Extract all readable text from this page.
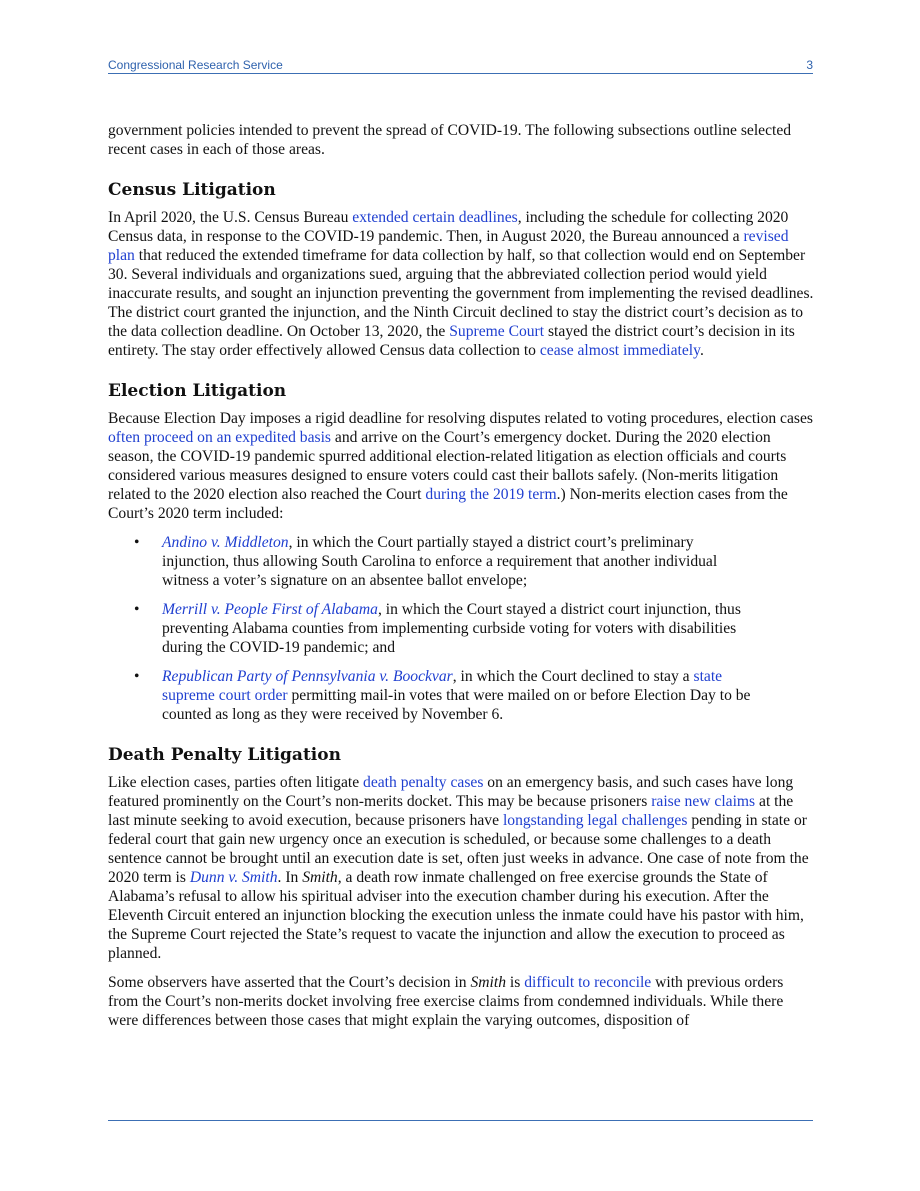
Congressional Research Service	3

government policies intended to prevent the spread of COVID-19. The following subsections outline selected recent cases in each of those areas.

Census Litigation

In April 2020, the U.S. Census Bureau extended certain deadlines, including the schedule for collecting 2020 Census data, in response to the COVID-19 pandemic. Then, in August 2020, the Bureau announced a revised plan that reduced the extended timeframe for data collection by half, so that collection would end on September 30. Several individuals and organizations sued, arguing that the abbreviated collection period would yield inaccurate results, and sought an injunction preventing the government from implementing the revised deadlines. The district court granted the injunction, and the Ninth Circuit declined to stay the district court’s decision as to the data collection deadline. On October 13, 2020, the Supreme Court stayed the district court’s decision in its entirety. The stay order effectively allowed Census data collection to cease almost immediately.

Election Litigation

Because Election Day imposes a rigid deadline for resolving disputes related to voting procedures, election cases often proceed on an expedited basis and arrive on the Court’s emergency docket. During the 2020 election season, the COVID-19 pandemic spurred additional election-related litigation as election officials and courts considered various measures designed to ensure voters could cast their ballots safely. (Non-merits litigation related to the 2020 election also reached the Court during the 2019 term.) Non-merits election cases from the Court’s 2020 term included:

• Andino v. Middleton, in which the Court partially stayed a district court’s preliminary injunction, thus allowing South Carolina to enforce a requirement that another individual witness a voter’s signature on an absentee ballot envelope;
• Merrill v. People First of Alabama, in which the Court stayed a district court injunction, thus preventing Alabama counties from implementing curbside voting for voters with disabilities during the COVID-19 pandemic; and
• Republican Party of Pennsylvania v. Boockvar, in which the Court declined to stay a state supreme court order permitting mail-in votes that were mailed on or before Election Day to be counted as long as they were received by November 6.
Death Penalty Litigation

Like election cases, parties often litigate death penalty cases on an emergency basis, and such cases have long featured prominently on the Court’s non-merits docket. This may be because prisoners raise new claims at the last minute seeking to avoid execution, because prisoners have longstanding legal challenges pending in state or federal court that gain new urgency once an execution is scheduled, or because some challenges to a death sentence cannot be brought until an execution date is set, often just weeks in advance. One case of note from the 2020 term is Dunn v. Smith. In Smith, a death row inmate challenged on free exercise grounds the State of Alabama’s refusal to allow his spiritual adviser into the execution chamber during his execution. After the Eleventh Circuit entered an injunction blocking the execution unless the inmate could have his pastor with him, the Supreme Court rejected the State’s request to vacate the injunction and allow the execution to proceed as planned.

Some observers have asserted that the Court’s decision in Smith is difficult to reconcile with previous orders from the Court’s non-merits docket involving free exercise claims from condemned individuals. While there were differences between those cases that might explain the varying outcomes, disposition of
